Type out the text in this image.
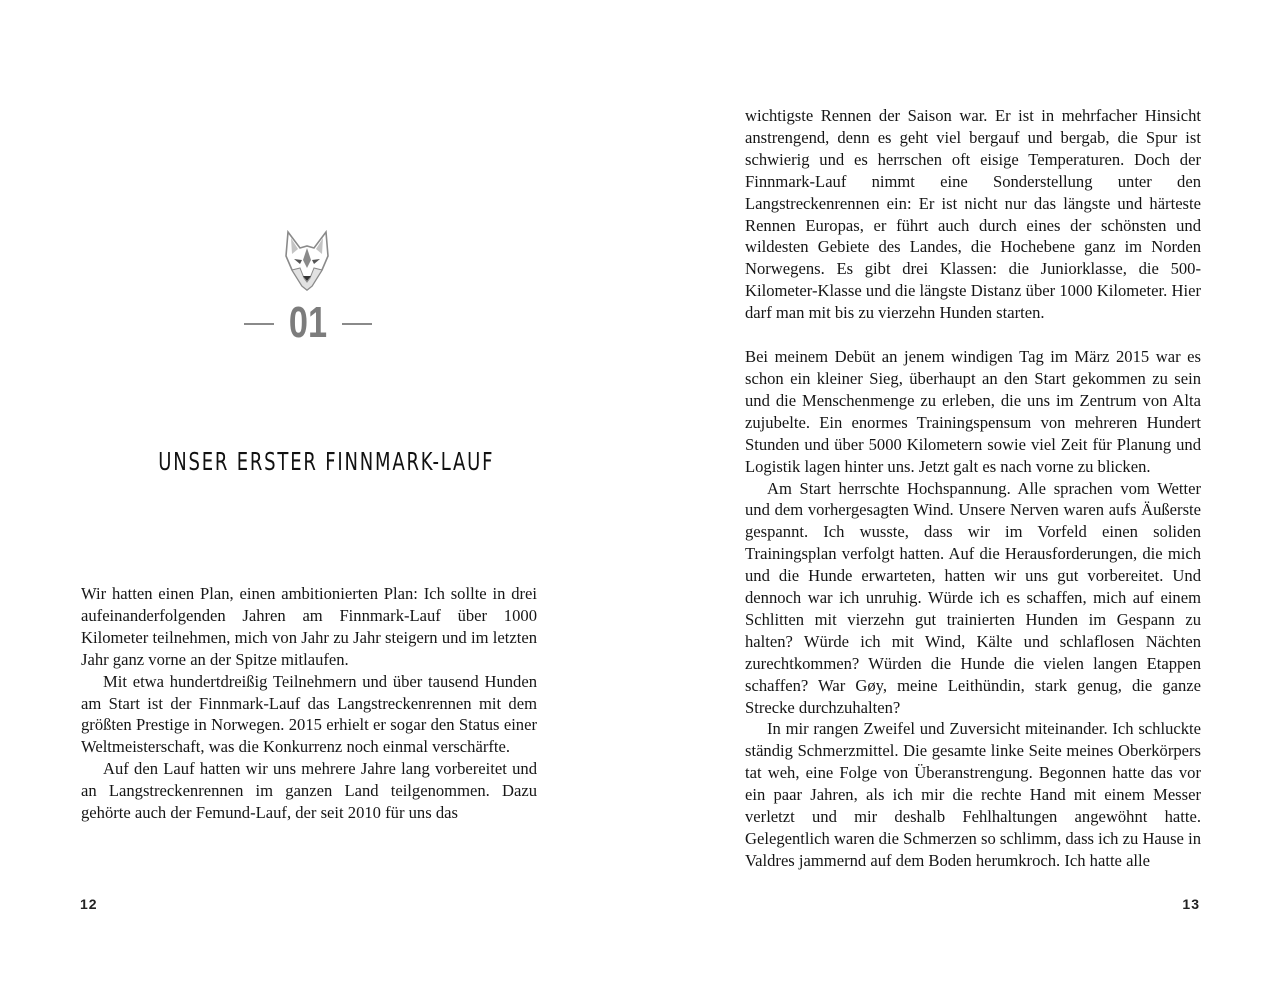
01
UNSER ERSTER FINNMARK-LAUF

Wir hatten einen Plan, einen ambitionierten Plan: Ich sollte in drei aufeinanderfolgenden Jahren am Finnmark-Lauf über 1000 Kilometer teilnehmen, mich von Jahr zu Jahr steigern und im letzten Jahr ganz vorne an der Spitze mitlaufen.

Mit etwa hundertdreißig Teilnehmern und über tausend Hunden am Start ist der Finnmark-Lauf das Langstreckenrennen mit dem größten Prestige in Norwegen. 2015 erhielt er sogar den Status einer Weltmeisterschaft, was die Konkurrenz noch einmal verschärfte.

Auf den Lauf hatten wir uns mehrere Jahre lang vorbereitet und an Langstreckenrennen im ganzen Land teilgenommen. Dazu gehörte auch der Femund-Lauf, der seit 2010 für uns das

12

wichtigste Rennen der Saison war. Er ist in mehrfacher Hinsicht anstrengend, denn es geht viel bergauf und bergab, die Spur ist schwierig und es herrschen oft eisige Temperaturen. Doch der Finnmark-Lauf nimmt eine Sonderstellung unter den Langstreckenrennen ein: Er ist nicht nur das längste und härteste Rennen Europas, er führt auch durch eines der schönsten und wildesten Gebiete des Landes, die Hochebene ganz im Norden Norwegens. Es gibt drei Klassen: die Juniorklasse, die 500-Kilometer-Klasse und die längste Distanz über 1000 Kilometer. Hier darf man mit bis zu vierzehn Hunden starten.

Bei meinem Debüt an jenem windigen Tag im März 2015 war es schon ein kleiner Sieg, überhaupt an den Start gekommen zu sein und die Menschenmenge zu erleben, die uns im Zentrum von Alta zujubelte. Ein enormes Trainingspensum von mehreren Hundert Stunden und über 5000 Kilometern sowie viel Zeit für Planung und Logistik lagen hinter uns. Jetzt galt es nach vorne zu blicken.

Am Start herrschte Hochspannung. Alle sprachen vom Wetter und dem vorhergesagten Wind. Unsere Nerven waren aufs Äußerste gespannt. Ich wusste, dass wir im Vorfeld einen soliden Trainingsplan verfolgt hatten. Auf die Herausforderungen, die mich und die Hunde erwarteten, hatten wir uns gut vorbereitet. Und dennoch war ich unruhig. Würde ich es schaffen, mich auf einem Schlitten mit vierzehn gut trainierten Hunden im Gespann zu halten? Würde ich mit Wind, Kälte und schlaflosen Nächten zurechtkommen? Würden die Hunde die vielen langen Etappen schaffen? War Gøy, meine Leithündin, stark genug, die ganze Strecke durchzuhalten?

In mir rangen Zweifel und Zuversicht miteinander. Ich schluckte ständig Schmerzmittel. Die gesamte linke Seite meines Oberkörpers tat weh, eine Folge von Überanstrengung. Begonnen hatte das vor ein paar Jahren, als ich mir die rechte Hand mit einem Messer verletzt und mir deshalb Fehlhaltungen angewöhnt hatte. Gelegentlich waren die Schmerzen so schlimm, dass ich zu Hause in Valdres jammernd auf dem Boden herumkroch. Ich hatte alle

13
